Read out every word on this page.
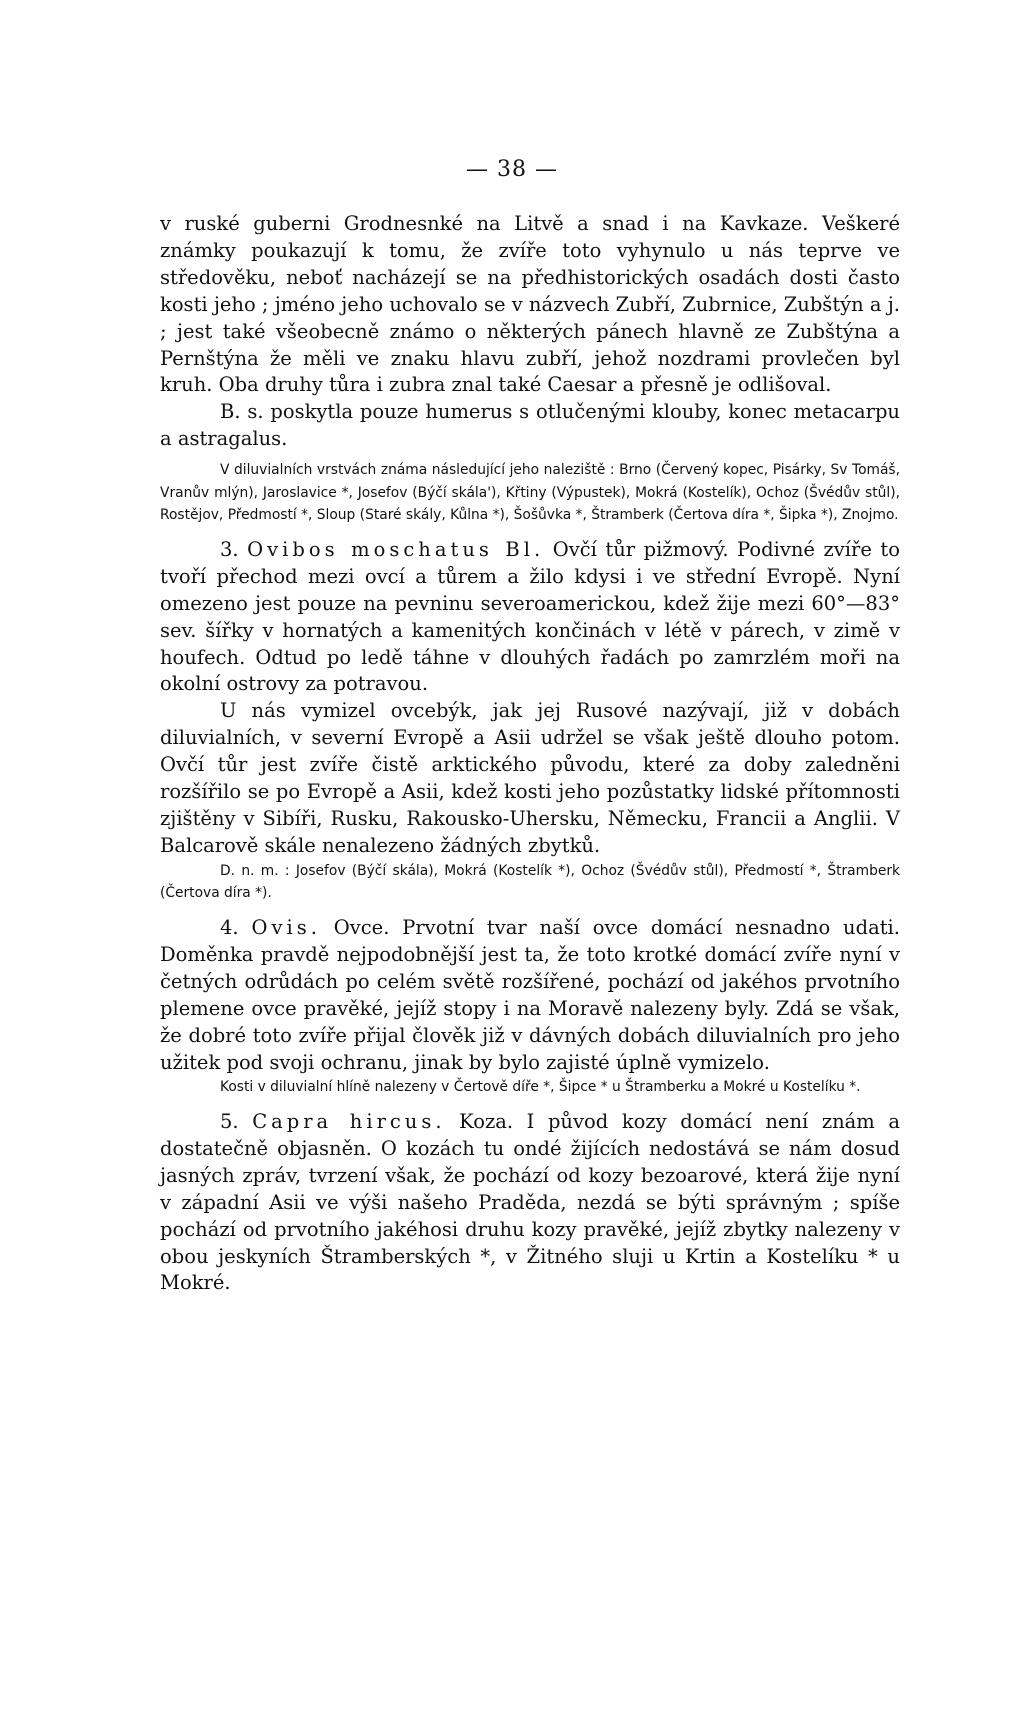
— 38 —

v ruské guberni Grodnesnké na Litvě a snad i na Kavkaze. Veškeré známky poukazují k tomu, že zvíře toto vyhynulo u nás teprve ve středověku, neboť nacházejí se na předhistorických osadách dosti často kosti jeho ; jméno jeho uchovalo se v názvech Zubří, Zubrnice, Zubštýn a j. ; jest také všeobecně známo o některých pánech hlavně ze Zubštýna a Pernštýna že měli ve znaku hlavu zubří, jehož nozdrami provlečen byl kruh. Oba druhy tůra i zubra znal také Caesar a přesně je odlišoval.

B. s. poskytla pouze humerus s otlučenými klouby, konec metacarpu a astragalus.

V diluvialních vrstvách známa následující jeho naleziště : Brno (Červený kopec, Pisárky, Sv Tomáš, Vranův mlýn), Jaroslavice *, Josefov (Býčí skála'), Křtiny (Výpustek), Mokrá (Kostelík), Ochoz (Švédův stůl), Rostějov, Předmostí *, Sloup (Staré skály, Kůlna *), Šošůvka *, Štramberk (Čertova díra *, Šipka *), Znojmo.

3. Ovibos moschatus Bl. Ovčí tůr pižmový. Podivné zvíře to tvoří přechod mezi ovcí a tůrem a žilo kdysi i ve střední Evropě. Nyní omezeno jest pouze na pevninu severoamerickou, kdež žije mezi 60°—83° sev. šířky v hornatých a kamenitých končinách v létě v párech, v zimě v houfech. Odtud po ledě táhne v dlouhých řadách po zamrzlém moři na okolní ostrovy za potravou.

U nás vymizel ovcebýk, jak jej Rusové nazývají, již v dobách diluvialních, v severní Evropě a Asii udržel se však ještě dlouho potom. Ovčí tůr jest zvíře čistě arktického původu, které za doby zaledněni rozšířilo se po Evropě a Asii, kdež kosti jeho pozůstatky lidské přítomnosti zjištěny v Sibíři, Rusku, Rakousko-Uhersku, Německu, Francii a Anglii. V Balcarově skále nenalezeno žádných zbytků.

D. n. m. : Josefov (Býčí skála), Mokrá (Kostelík *), Ochoz (Švédův stůl), Předmostí *, Štramberk (Čertova díra *).

4. Ovis. Ovce. Prvotní tvar naší ovce domácí nesnadno udati. Doměnka pravdě nejpodobnější jest ta, že toto krotké domácí zvíře nyní v četných odrůdách po celém světě rozšířené, pochází od jakéhos prvotního plemene ovce pravěké, jejíž stopy i na Moravě nalezeny byly. Zdá se však, že dobré toto zvíře přijal člověk již v dávných dobách diluvialních pro jeho užitek pod svoji ochranu, jinak by bylo zajisté úplně vymizelo.

Kosti v diluvialní hlíně nalezeny v Čertově díře *, Šipce * u Štramberku a Mokré u Kostelíku *.

5. Capra hircus. Koza. I původ kozy domácí není znám a dostatečně objasněn. O kozách tu ondé žijících nedostává se nám dosud jasných zpráv, tvrzení však, že pochází od kozy bezoarové, která žije nyní v západní Asii ve výši našeho Praděda, nezdá se býti správným ; spíše pochází od prvotního jakéhosi druhu kozy pravěké, jejíž zbytky nalezeny v obou jeskyních Štramberských *, v Žitného sluji u Krtin a Kostelíku * u Mokré.
